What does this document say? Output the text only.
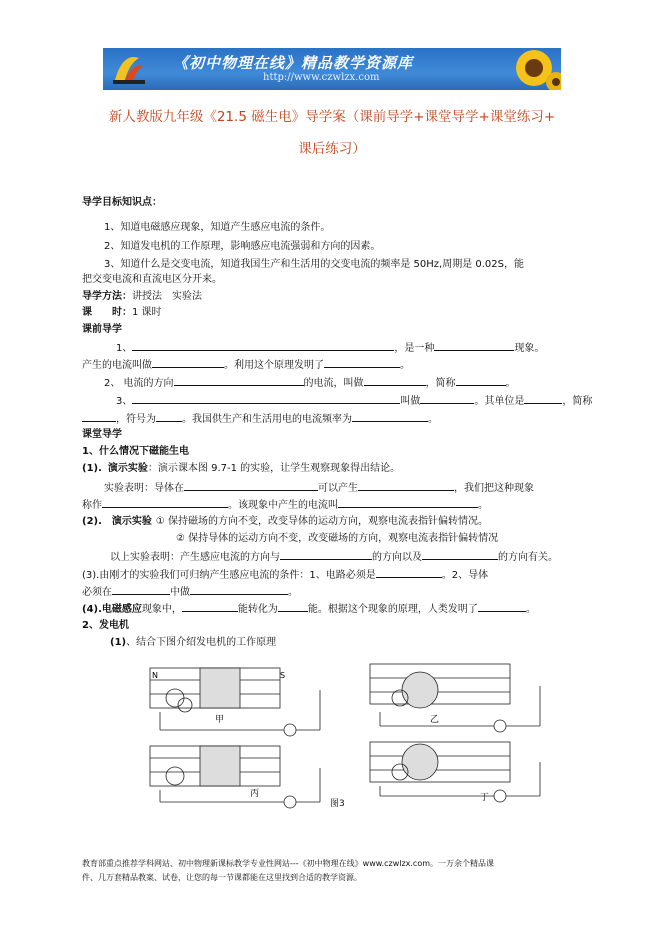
《初中物理在线》精品教学资源库
http://www.czwlzx.com
新人教版九年级《21.5 磁生电》导学案（课前导学+课堂导学+课堂练习+
课后练习）
导学目标知识点：
1、知道电磁感应现象，知道产生感应电流的条件。
2、知道发电机的工作原理，影响感应电流强弱和方向的因素。
3、知道什么是交变电流，知道我国生产和生活用的交变电流的频率是 50Hz,周期是 0.02S，能
把交变电流和直流电区分开来。
导学方法：讲授法　实验法
课　　时：1 课时
课前导学
1、	，是一种	现象。
产生的电流叫做	。利用这个原理发明了	。
2、 电流的方向	的电流，叫做	，简称	。
3、	叫做	。其单位是	，简称
，符号为	。我国供生产和生活用电的电流频率为	。
课堂导学
1、什么情况下磁能生电
(1). 演示实验：演示课本图 9.7-1 的实验，让学生观察现象得出结论。
实验表明：导体在	可以产生	，我们把这种现象
称作	。该现象中产生的电流叫	。
(2). 演示实验 ① 保持磁场的方向不变，改变导体的运动方向，观察电流表指针偏转情况。
② 保持导体的运动方向不变，改变磁场的方向，观察电流表指针偏转情况
以上实验表明：产生感应电流的方向与	的方向以及	的方向有关。
(3).由刚才的实验我们可归纳产生感应电流的条件：1、电路必须是	。2、导体
必须在	中做	。
(4).电磁感应现象中，	能转化为	能。根据这个现象的原理，人类发明了	。
2、发电机
(1)、结合下图介绍发电机的工作原理
N	S
甲	乙
丙	丁
图3
教育部重点推荐学科网站、初中物理新课标教学专业性网站---《初中物理在线》www.czwlzx.com。一万余个精品课
件、几万套精品教案、试卷，让您的每一节课都能在这里找到合适的教学资源。
